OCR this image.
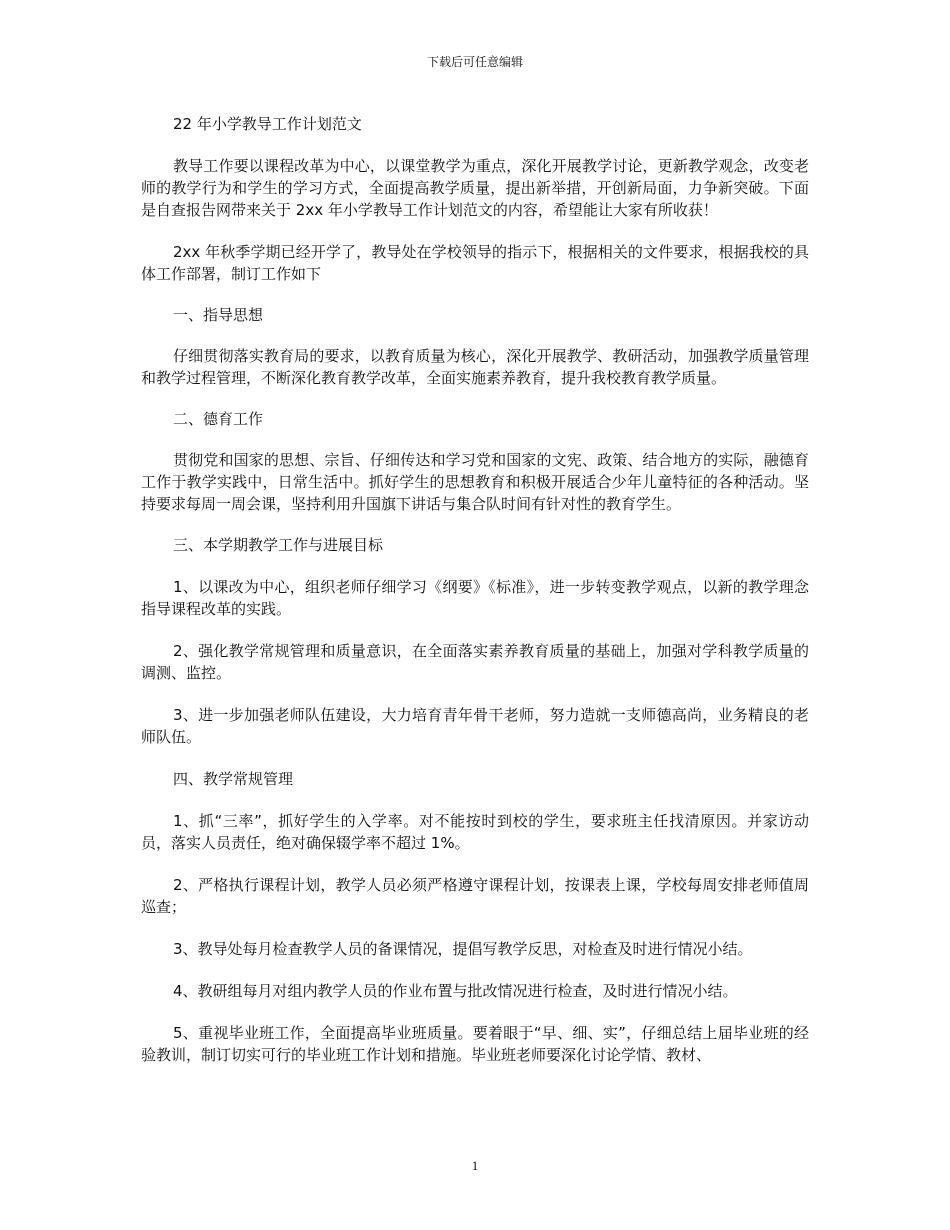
下载后可任意编辑

22 年小学教导工作计划范文

教导工作要以课程改革为中心，以课堂教学为重点，深化开展教学讨论，更新教学观念，改变老师的教学行为和学生的学习方式，全面提高教学质量，提出新举措，开创新局面，力争新突破。下面是自查报告网带来关于 2xx 年小学教导工作计划范文的内容，希望能让大家有所收获！

2xx 年秋季学期已经开学了，教导处在学校领导的指示下，根据相关的文件要求，根据我校的具体工作部署，制订工作如下

一、指导思想

仔细贯彻落实教育局的要求，以教育质量为核心，深化开展教学、教研活动，加强教学质量管理和教学过程管理，不断深化教育教学改革，全面实施素养教育，提升我校教育教学质量。

二、德育工作

贯彻党和国家的思想、宗旨、仔细传达和学习党和国家的文宪、政策、结合地方的实际，融德育工作于教学实践中，日常生活中。抓好学生的思想教育和积极开展适合少年儿童特征的各种活动。坚持要求每周一周会课，坚持利用升国旗下讲话与集合队时间有针对性的教育学生。

三、本学期教学工作与进展目标

1、以课改为中心，组织老师仔细学习《纲要》《标准》，进一步转变教学观点，以新的教学理念指导课程改革的实践。

2、强化教学常规管理和质量意识，在全面落实素养教育质量的基础上，加强对学科教学质量的调测、监控。

3、进一步加强老师队伍建设，大力培育青年骨干老师，努力造就一支师德高尚，业务精良的老师队伍。

四、教学常规管理

1、抓“三率”，抓好学生的入学率。对不能按时到校的学生，要求班主任找清原因。并家访动员，落实人员责任，绝对确保辍学率不超过 1%。

2、严格执行课程计划，教学人员必须严格遵守课程计划，按课表上课，学校每周安排老师值周巡查；

3、教导处每月检查教学人员的备课情况，提倡写教学反思，对检查及时进行情况小结。

4、教研组每月对组内教学人员的作业布置与批改情况进行检查，及时进行情况小结。

5、重视毕业班工作，全面提高毕业班质量。要着眼于“早、细、实”，仔细总结上届毕业班的经验教训，制订切实可行的毕业班工作计划和措施。毕业班老师要深化讨论学情、教材、

1
